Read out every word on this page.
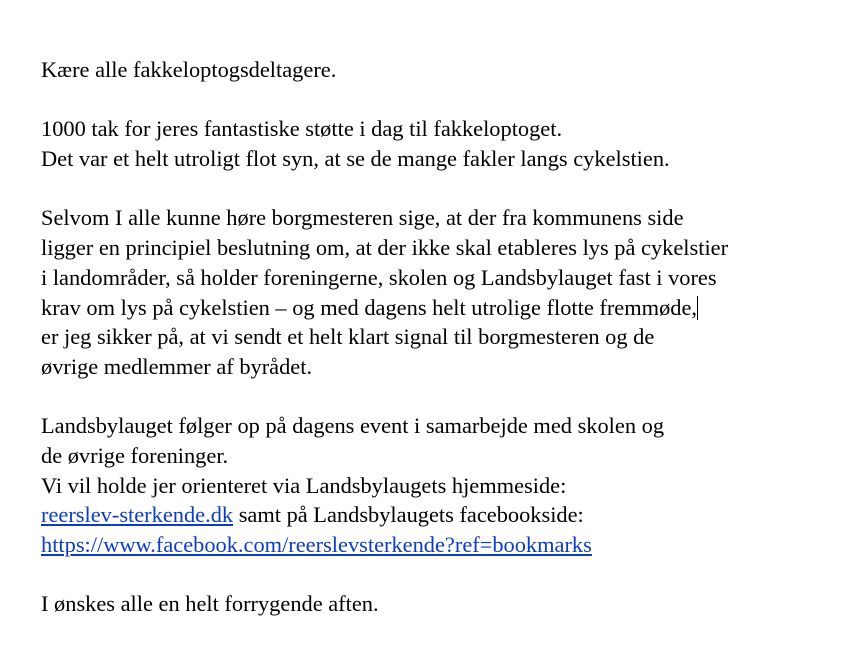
Kære alle fakkeloptogsdeltagere.
1000 tak for jeres fantastiske støtte i dag til fakkeloptoget.
Det var et helt utroligt flot syn, at se de mange fakler langs cykelstien.
Selvom I alle kunne høre borgmesteren sige, at der fra kommunens side
ligger en principiel beslutning om, at der ikke skal etableres lys på cykelstier
i landområder, så holder foreningerne, skolen og Landsbylauget fast i vores
krav om lys på cykelstien – og med dagens helt utrolige flotte fremmøde,
er jeg sikker på, at vi sendt et helt klart signal til borgmesteren og de
øvrige medlemmer af byrådet.
Landsbylauget følger op på dagens event i samarbejde med skolen og
de øvrige foreninger.
Vi vil holde jer orienteret via Landsbylaugets hjemmeside:
reerslev-sterkende.dk samt på Landsbylaugets facebookside:
https://www.facebook.com/reerslevsterkende?ref=bookmarks
I ønskes alle en helt forrygende aften.
